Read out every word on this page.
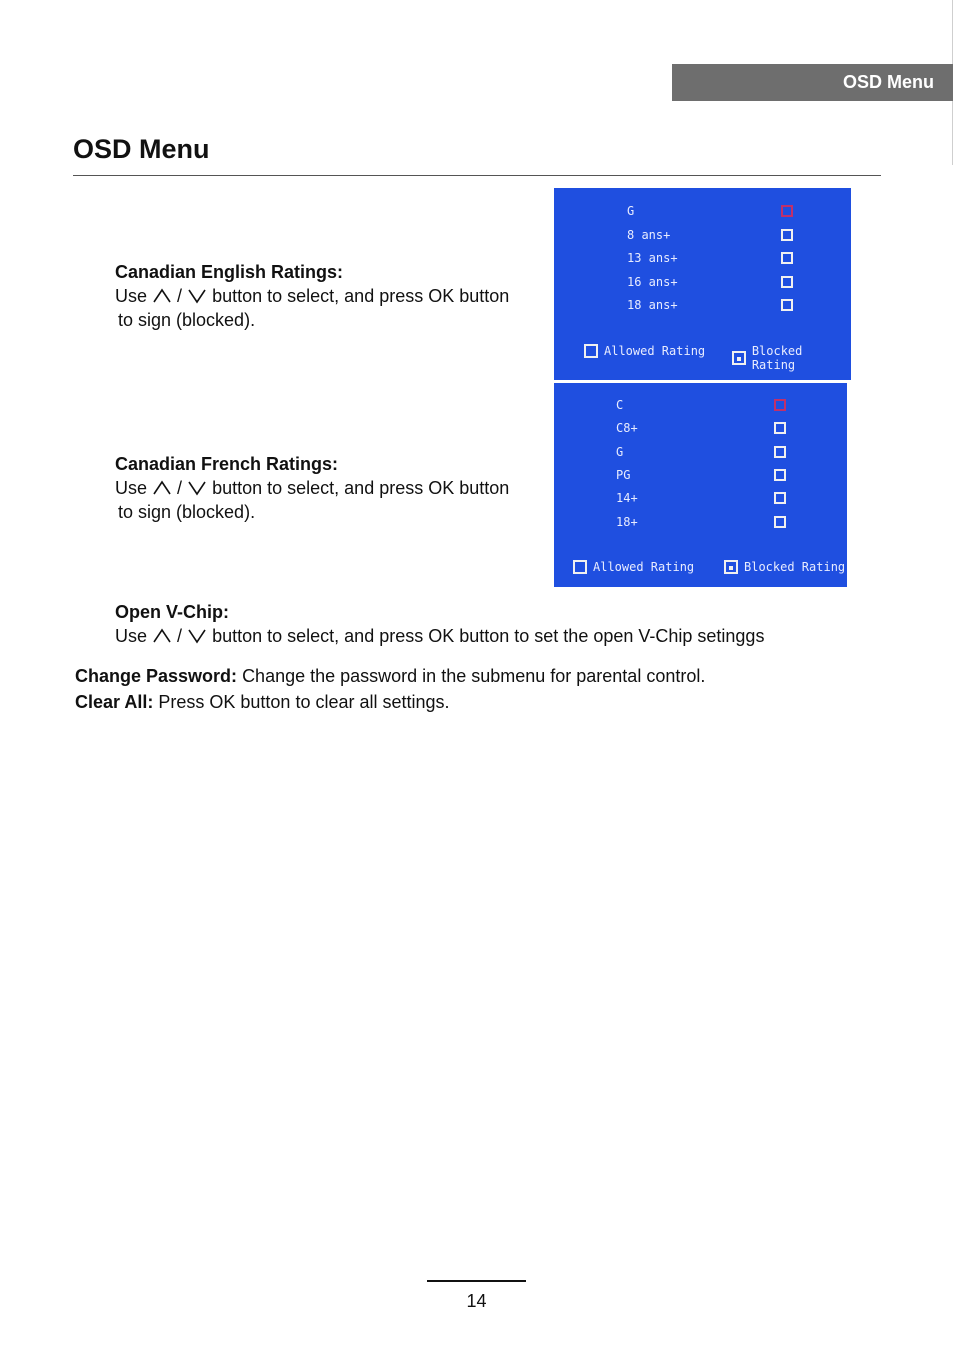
OSD Menu
OSD Menu
Canadian English Ratings:
Use / button to select, and press OK button
to sign (blocked).
Allowed Rating	Blocked Rating
G
8 ans+
13 ans+
16 ans+
18 ans+
Canadian French Ratings:
Use / button to select, and press OK button
to sign (blocked).
Allowed Rating	Blocked Rating
C
C8+
G
PG
14+
18+
Open V-Chip:
Use / button to select, and press OK button to set the open V-Chip setinggs
Change Password: Change the password in the submenu for parental control.
Clear All: Press OK button to clear all settings.
14
